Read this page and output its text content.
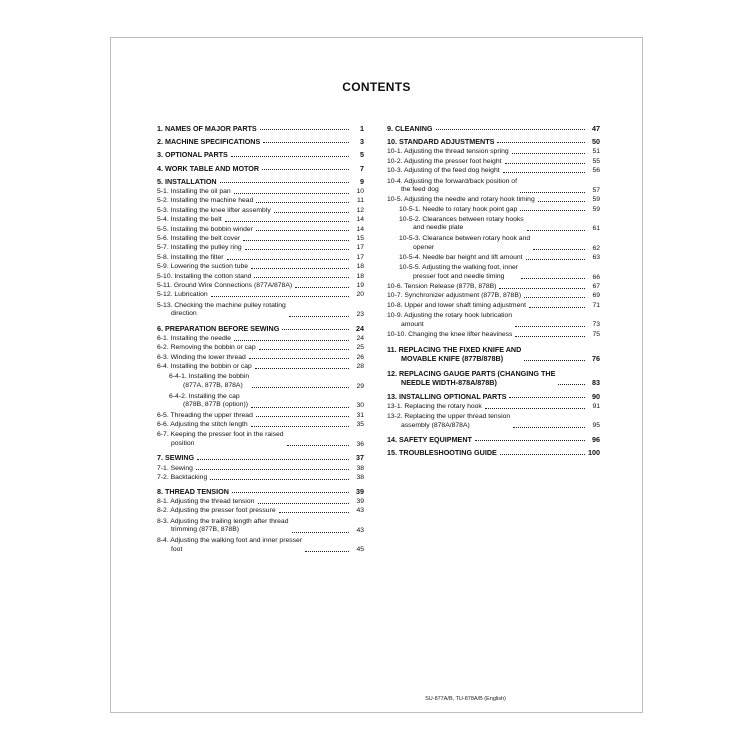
CONTENTS
1. NAMES OF MAJOR PARTS	1
2. MACHINE SPECIFICATIONS	3
3. OPTIONAL PARTS	5
4. WORK TABLE AND MOTOR	7
5. INSTALLATION	9
5-1. Installing the oil pan	10
5-2. Installing the machine head	11
5-3. Installing the knee lifter assembly	12
5-4. Installing the belt	14
5-5. Installing the bobbin winder	14
5-6. Installing the belt cover	15
5-7. Installing the pulley ring	17
5-8. Installing the filter	17
5-9. Lowering the suction tube	18
5-10. Installing the cotton stand	18
5-11. Ground Wire Connections (877A/878A)	19
5-12. Lubrication	20
5-13. Checking the machine pulley rotating
direction	23
6. PREPARATION BEFORE SEWING	24
6-1. Installing the needle	24
6-2. Removing the bobbin or cap	25
6-3. Winding the lower thread	26
6-4. Installing the bobbin or cap	28
6-4-1. Installing the bobbin
(877A, 877B, 878A)	29
6-4-2. Installing the cap
(878B, 877B (option))	30
6-5. Threading the upper thread	31
6-6. Adjusting the stitch length	35
6-7. Keeping the presser foot in the raised
position	36
7. SEWING	37
7-1. Sewing	38
7-2. Backtacking	38
8. THREAD TENSION	39
8-1. Adjusting the thread tension	39
8-2. Adjusting the presser foot pressure	43
8-3. Adjusting the trailing length after thread
trimming (877B, 878B)	43
8-4. Adjusting the walking foot and inner presser
foot	45
9. CLEANING	47
10. STANDARD ADJUSTMENTS	50
10-1. Adjusting the thread tension spring	51
10-2. Adjusting the presser foot height	55
10-3. Adjusting of the feed dog height	56
10-4. Adjusting the forward/back position of
the feed dog	57
10-5. Adjusting the needle and rotary hook timing	59
10-5-1. Needle to rotary hook point gap	59
10-5-2. Clearances between rotary hooks
and needle plate	61
10-5-3. Clearance between rotary hook and
opener	62
10-5-4. Needle bar height and lift amount	63
10-5-5. Adjusting the walking foot, inner
presser foot and needle timing	66
10-6. Tension Release (877B, 878B)	67
10-7. Synchronizer adjustment (877B, 878B)	69
10-8. Upper and lower shaft timing adjustment	71
10-9. Adjusting the rotary hook lubrication
amount	73
10-10. Changing the knee lifter heaviness	75
11. REPLACING THE FIXED KNIFE AND
MOVABLE KNIFE (877B/878B)	76
12. REPLACING GAUGE PARTS (CHANGING THE
NEEDLE WIDTH-878A/878B)	83
13. INSTALLING OPTIONAL PARTS	90
13-1. Replacing the rotary hook	91
13-2. Replacing the upper thread tension
assembly (878A/878A)	95
14. SAFETY EQUIPMENT	96
15. TROUBLESHOOTING GUIDE	100
SU-877A/B, TU-878A/B (English)
